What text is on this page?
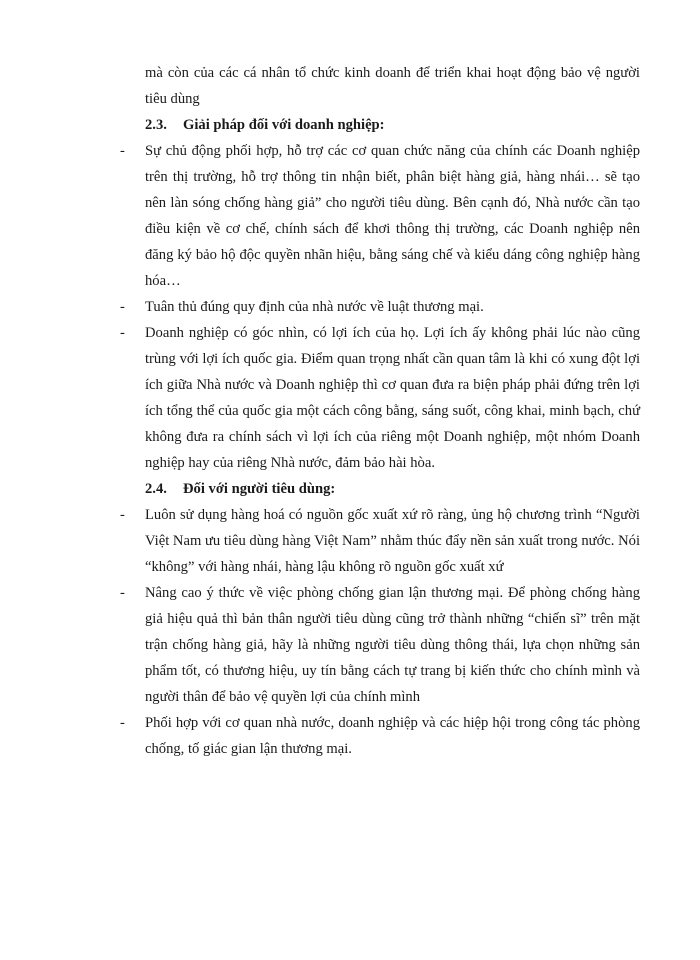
mà còn của các cá nhân tổ chức kinh doanh để triển khai hoạt động bảo vệ người tiêu dùng

2.3. Giải pháp đối với doanh nghiệp:

-	Sự chủ động phối hợp, hỗ trợ các cơ quan chức năng của chính các Doanh nghiệp trên thị trường, hỗ trợ thông tin nhận biết, phân biệt hàng giả, hàng nhái… sẽ tạo nên làn sóng chống hàng giả” cho người tiêu dùng. Bên cạnh đó, Nhà nước cần tạo điều kiện về cơ chế, chính sách để khơi thông thị trường, các Doanh nghiệp nên đăng ký bảo hộ độc quyền nhãn hiệu, bằng sáng chế và kiểu dáng công nghiệp hàng hóa…

-	Tuân thủ đúng quy định của nhà nước về luật thương mại.

-	Doanh nghiệp có góc nhìn, có lợi ích của họ. Lợi ích ấy không phải lúc nào cũng trùng với lợi ích quốc gia. Điểm quan trọng nhất cần quan tâm là khi có xung đột lợi ích giữa Nhà nước và Doanh nghiệp thì cơ quan đưa ra biện pháp phải đứng trên lợi ích tổng thể của quốc gia một cách công bằng, sáng suốt, công khai, minh bạch, chứ không đưa ra chính sách vì lợi ích của riêng một Doanh nghiệp, một nhóm Doanh nghiệp hay của riêng Nhà nước, đảm bảo hài hòa.

2.4. Đối với người tiêu dùng:

-	Luôn sử dụng hàng hoá có nguồn gốc xuất xứ rõ ràng, ủng hộ chương trình “Người Việt Nam ưu tiêu dùng hàng Việt Nam” nhằm thúc đẩy nền sản xuất trong nước. Nói “không” với hàng nhái, hàng lậu không rõ nguồn gốc xuất xứ

-	Nâng cao ý thức về việc phòng chống gian lận thương mại. Để phòng chống hàng giả hiệu quả thì bản thân người tiêu dùng cũng trở thành những “chiến sĩ” trên mặt trận chống hàng giả, hãy là những người tiêu dùng thông thái, lựa chọn những sản phẩm tốt, có thương hiệu, uy tín bằng cách tự trang bị kiến thức cho chính mình và người thân để bảo vệ quyền lợi của chính mình

-	Phối hợp với cơ quan nhà nước, doanh nghiệp và các hiệp hội trong công tác phòng chống, tố giác gian lận thương mại.
